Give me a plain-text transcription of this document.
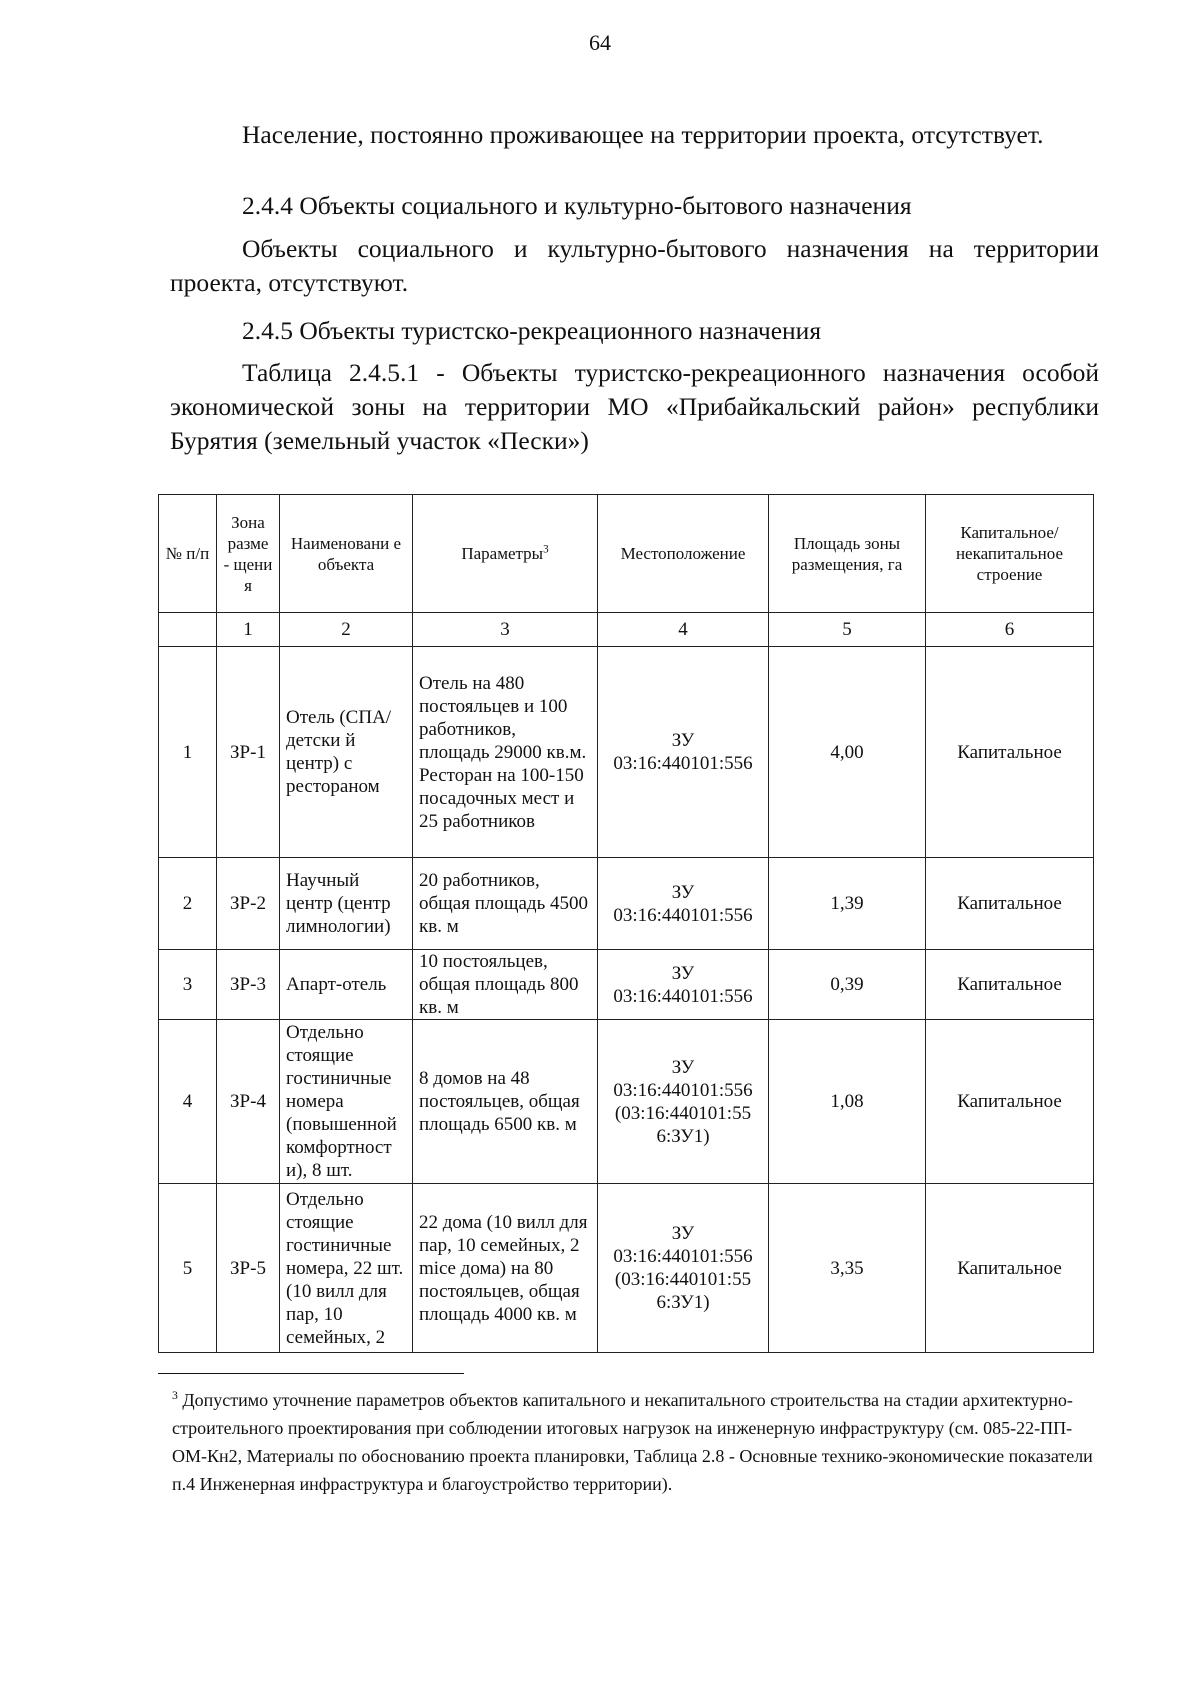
64

Население, постоянно проживающее на территории проекта, отсутствует.

2.4.4 Объекты социального и культурно-бытового назначения

Объекты социального и культурно-бытового назначения на территории проекта, отсутствуют.

2.4.5 Объекты туристско-рекреационного назначения

Таблица 2.4.5.1 - Объекты туристско-рекреационного назначения особой экономической зоны на территории МО «Прибайкальский район» республики Бурятия (земельный участок «Пески»)

№ п/п	Зона разме - щени я	Наименовани е объекта	Параметры$^3$	Местоположение	Площадь зоны размещения, га	Капитальное/ некапитальное строение
	1	2	3	4	5	6
1	ЗР-1	Отель (СПА/детски й центр) с рестораном	Отель на 480 постояльцев и 100 работников, площадь 29000 кв.м. Ресторан на 100-150 посадочных мест и 25 работников	ЗУ 03:16:440101:556	4,00	Капитальное
2	ЗР-2	Научный центр (центр лимнологии)	20 работников, общая площадь 4500 кв. м	ЗУ 03:16:440101:556	1,39	Капитальное
3	ЗР-3	Апарт-отель	10 постояльцев, общая площадь 800 кв. м	ЗУ 03:16:440101:556	0,39	Капитальное
4	ЗР-4	Отдельно стоящие гостиничные номера (повышенной комфортност и), 8 шт.	8 домов на 48 постояльцев, общая площадь 6500 кв. м	ЗУ 03:16:440101:556 (03:16:440101:55 6:ЗУ1)	1,08	Капитальное
5	ЗР-5	Отдельно стоящие гостиничные номера, 22 шт. (10 вилл для пар, 10 семейных, 2	22 дома (10 вилл для пар, 10 семейных, 2 mice дома) на 80 постояльцев, общая площадь 4000 кв. м	ЗУ 03:16:440101:556 (03:16:440101:55 6:ЗУ1)	3,35	Капитальное

$^3$ Допустимо уточнение параметров объектов капитального и некапитального строительства на стадии архитектурно-строительного проектирования при соблюдении итоговых нагрузок на инженерную инфраструктуру (см. 085-22-ПП-ОМ-Кн2, Материалы по обоснованию проекта планировки, Таблица 2.8 - Основные технико-экономические показатели п.4 Инженерная инфраструктура и благоустройство территории).
